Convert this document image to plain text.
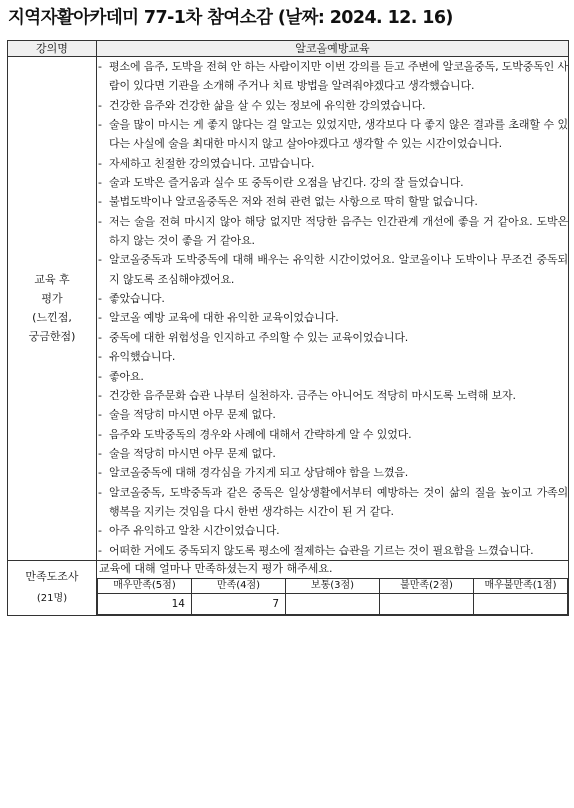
지역자활아카데미 77-1차 참여소감 (날짜: 2024. 12. 16)
강의명	알코올예방교육

교육 후
평가
(느낀점,
궁금한점)

- 평소에 음주, 도박을 전혀 안 하는 사람이지만 이번 강의를 듣고 주변에 알코올중독, 도박중독인 사람이 있다면 기관을 소개해 주거나 치료 방법을 알려줘야겠다고 생각했습니다.
- 건강한 음주와 건강한 삶을 살 수 있는 정보에 유익한 강의였습니다.
- 술을 많이 마시는 게 좋지 않다는 걸 알고는 있었지만, 생각보다 다 좋지 않은 결과를 초래할 수 있다는 사실에 술을 최대한 마시지 않고 살아야겠다고 생각할 수 있는 시간이었습니다.
- 자세하고 친절한 강의였습니다. 고맙습니다.
- 술과 도박은 즐거움과 실수 또 중독이란 오점을 남긴다. 강의 잘 들었습니다.
- 불법도박이나 알코올중독은 저와 전혀 관련 없는 사항으로 딱히 할말 없습니다.
- 저는 술을 전혀 마시지 않아 해당 없지만 적당한 음주는 인간관계 개선에 좋을 거 같아요. 도박은 하지 않는 것이 좋을 거 같아요.
- 알코올중독과 도박중독에 대해 배우는 유익한 시간이었어요. 알코올이나 도박이나 무조건 중독되지 않도록 조심해야겠어요.
- 좋았습니다.
- 알코올 예방 교육에 대한 유익한 교육이었습니다.
- 중독에 대한 위험성을 인지하고 주의할 수 있는 교육이었습니다.
- 유익했습니다.
- 좋아요.
- 건강한 음주문화 습관 나부터 실천하자. 금주는 아니어도 적당히 마시도록 노력해 보자.
- 술을 적당히 마시면 아무 문제 없다.
- 음주와 도박중독의 경우와 사례에 대해서 간략하게 알 수 있었다.
- 술을 적당히 마시면 아무 문제 없다.
- 알코올중독에 대해 경각심을 가지게 되고 상담해야 함을 느꼈음.
- 알코올중독, 도박중독과 같은 중독은 일상생활에서부터 예방하는 것이 삶의 질을 높이고 가족의 행복을 지키는 것임을 다시 한번 생각하는 시간이 된 거 같다.
- 아주 유익하고 알찬 시간이었습니다.
- 어떠한 거에도 중독되지 않도록 평소에 절제하는 습관을 기르는 것이 필요함을 느꼈습니다.

만족도조사
(21명)

교육에 대해 얼마나 만족하셨는지 평가 해주세요.
매우만족(5점)	만족(4점)	보통(3점)	불만족(2점)	매우불만족(1점)
14	7			
